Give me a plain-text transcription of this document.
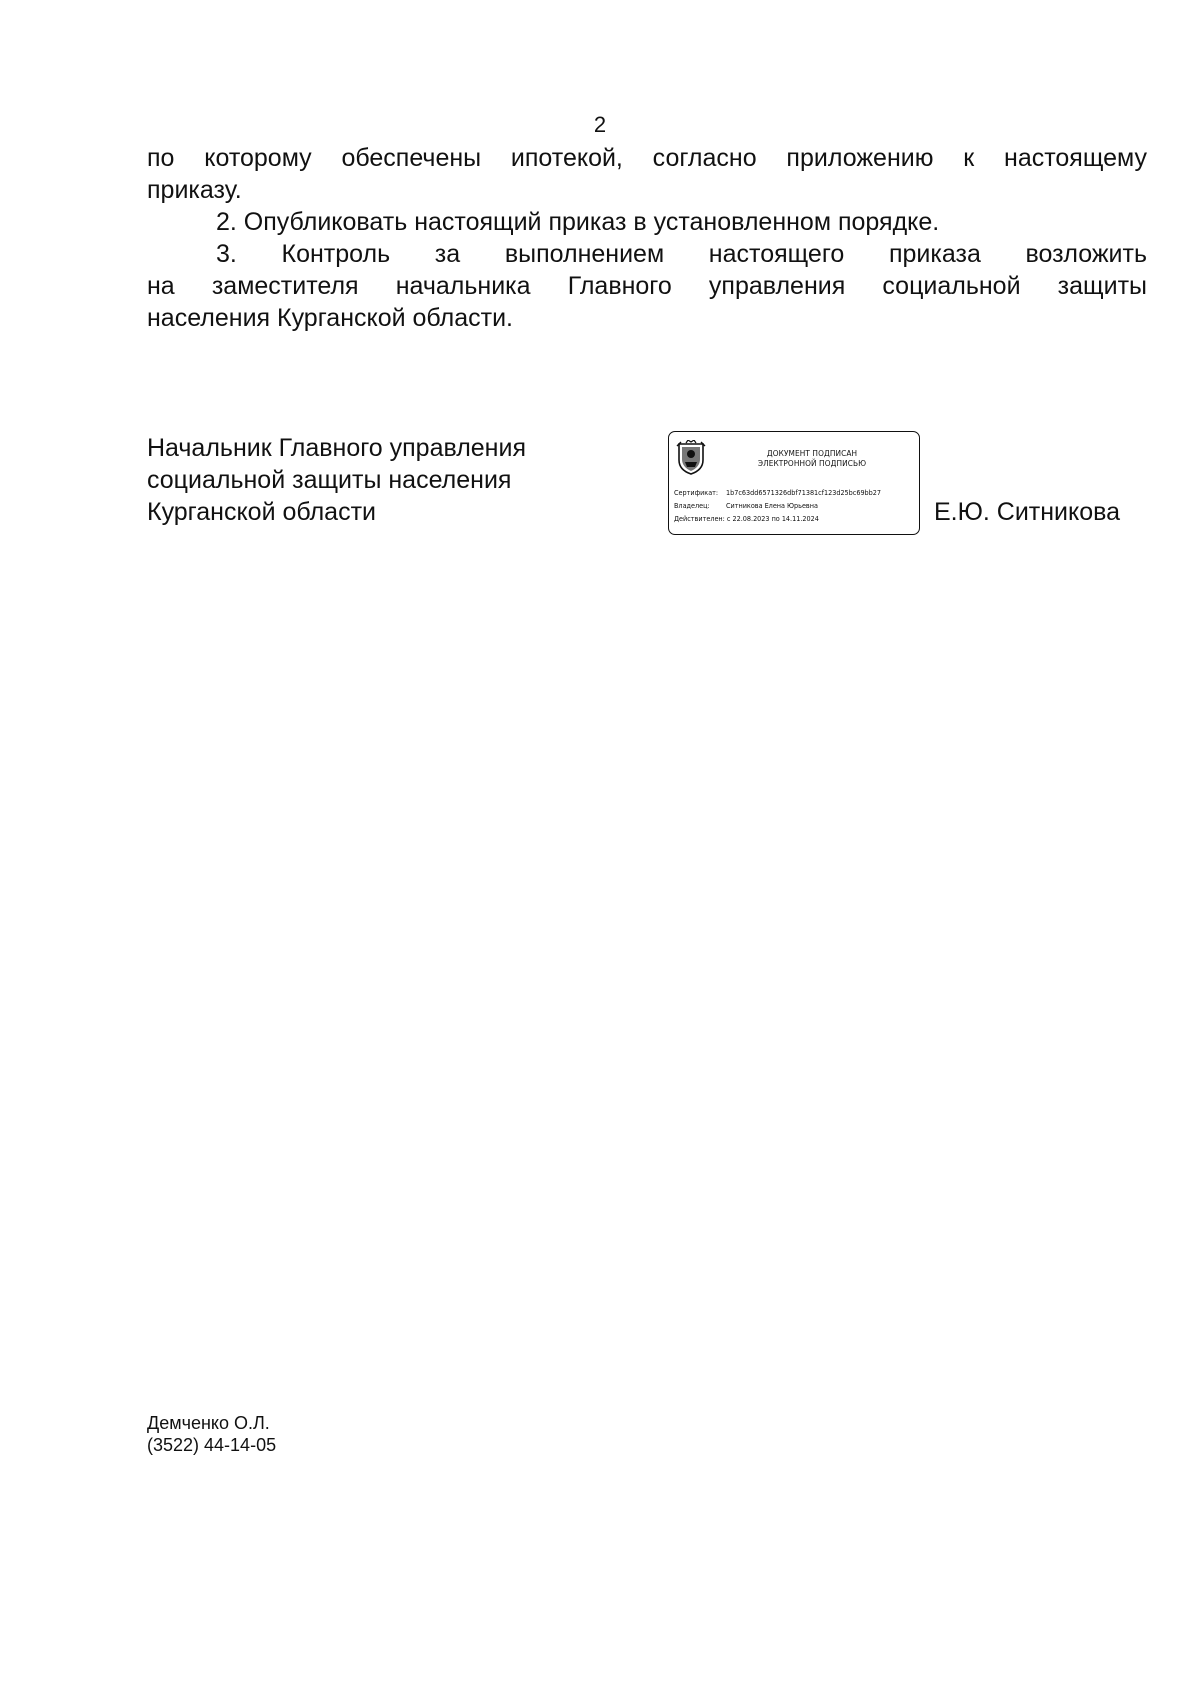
2
по которому обеспечены ипотекой, согласно приложению к настоящему
приказу.
2. Опубликовать настоящий приказ в установленном порядке.
3. Контроль за выполнением настоящего приказа возложить
на заместителя начальника Главного управления социальной защиты
населения Курганской области.
Начальник Главного управления
социальной защиты населения
Курганской области
ДОКУМЕНТ ПОДПИСАН
ЭЛЕКТРОННОЙ ПОДПИСЬЮ
Сертификат: 1b7c63dd6571326dbf71381cf123d25bc69bb27
Владелец: Ситникова Елена Юрьевна
Действителен: с 22.08.2023 по 14.11.2024	Е.Ю. Ситникова
Демченко О.Л.
(3522) 44-14-05
